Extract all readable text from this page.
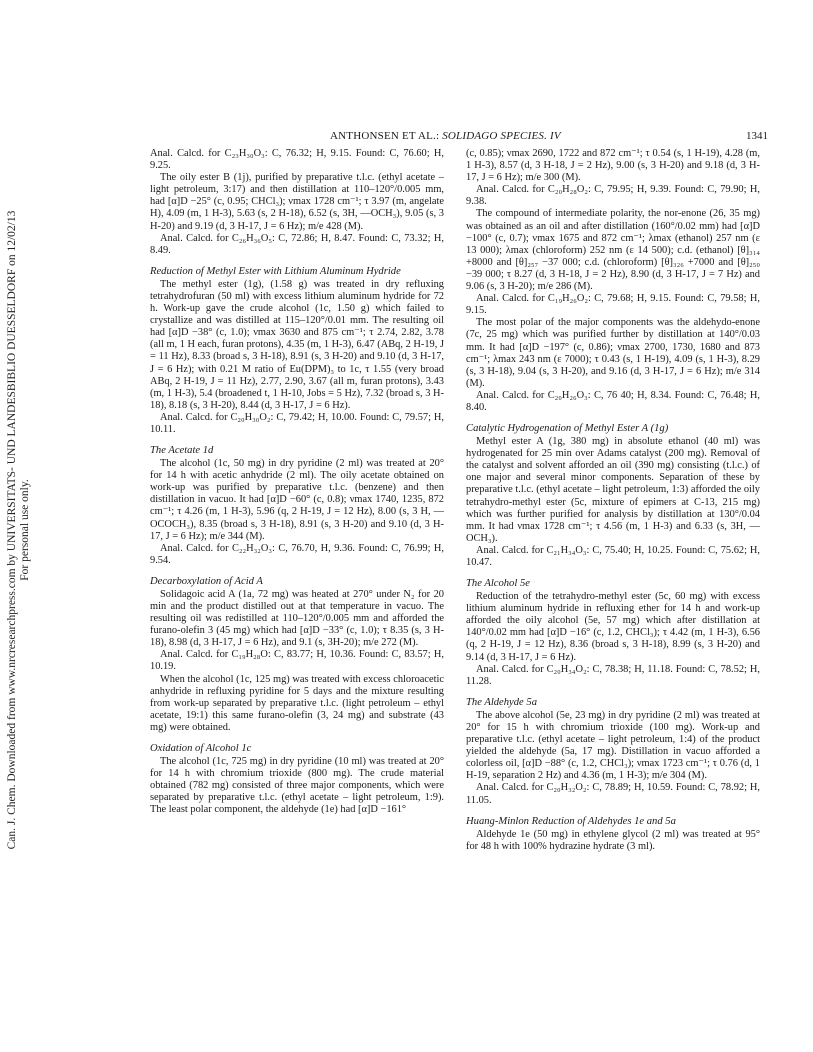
Can. J. Chem. Downloaded from www.nrcresearchpress.com by UNIVERSITATS- UND LANDESBIBLIO DUESSELDORF on 12/02/13 For personal use only.
ANTHONSEN ET AL.: SOLIDAGO SPECIES. IV	1341

Anal. Calcd. for C₂₃H₃₀O₃: C, 76.32; H, 9.15. Found: C, 76.60; H, 9.25.

The oily ester B (1j), purified by preparative t.l.c. (ethyl acetate – light petroleum, 3:17) and then distillation at 110–120°/0.005 mm, had [α]D −25° (c, 0.95; CHCl₃); νmax 1728 cm⁻¹; τ 3.97 (m, angelate H), 4.09 (m, 1 H-3), 5.63 (s, 2 H-18), 6.52 (s, 3H, —OCH₃), 9.05 (s, 3 H-20) and 9.19 (d, 3 H-17, J = 6 Hz); m/e 428 (M).

Anal. Calcd. for C₂₆H₃₆O₅: C, 72.86; H, 8.47. Found: C, 73.32; H, 8.49.

Reduction of Methyl Ester with Lithium Aluminum Hydride

The methyl ester (1g), (1.58 g) was treated in dry refluxing tetrahydrofuran (50 ml) with excess lithium aluminum hydride for 72 h. Work-up gave the crude alcohol (1c, 1.50 g) which failed to crystallize and was distilled at 115–120°/0.01 mm. The resulting oil had [α]D −38° (c, 1.0); νmax 3630 and 875 cm⁻¹; τ 2.74, 2.82, 3.78 (all m, 1 H each, furan protons), 4.35 (m, 1 H-3), 6.47 (ABq, 2 H-19, J = 11 Hz), 8.33 (broad s, 3 H-18), 8.91 (s, 3 H-20) and 9.10 (d, 3 H-17, J = 6 Hz); with 0.21 M ratio of Eu(DPM)₃ to 1c, τ 1.55 (very broad ABq, 2 H-19, J = 11 Hz), 2.77, 2.90, 3.67 (all m, furan protons), 3.43 (m, 1 H-3), 5.4 (broadened t, 1 H-10, Jobs = 5 Hz), 7.32 (broad s, 3 H-18), 8.18 (s, 3 H-20), 8.44 (d, 3 H-17, J = 6 Hz).

Anal. Calcd. for C₂₀H₃₀O₂: C, 79.42; H, 10.00. Found: C, 79.57; H, 10.11.

The Acetate 1d

The alcohol (1c, 50 mg) in dry pyridine (2 ml) was treated at 20° for 14 h with acetic anhydride (2 ml). The oily acetate obtained on work-up was purified by preparative t.l.c. (benzene) and then distillation in vacuo. It had [α]D −60° (c, 0.8); νmax 1740, 1235, 872 cm⁻¹; τ 4.26 (m, 1 H-3), 5.96 (q, 2 H-19, J = 12 Hz), 8.00 (s, 3 H, —OCOCH₃), 8.35 (broad s, 3 H-18), 8.91 (s, 3 H-20) and 9.10 (d, 3 H-17, J = 6 Hz); m/e 344 (M).

Anal. Calcd. for C₂₂H₃₂O₃: C, 76.70, H, 9.36. Found: C, 76.99; H, 9.54.

Decarboxylation of Acid A

Solidagoic acid A (1a, 72 mg) was heated at 270° under N₂ for 20 min and the product distilled out at that temperature in vacuo. The resulting oil was redistilled at 110–120°/0.005 mm and afforded the furano-olefin 3 (45 mg) which had [α]D −33° (c, 1.0); τ 8.35 (s, 3 H-18), 8.98 (d, 3 H-17, J = 6 Hz), and 9.1 (s, 3H-20); m/e 272 (M).

Anal. Calcd. for C₁₉H₂₈O: C, 83.77; H, 10.36. Found: C, 83.57; H, 10.19.

When the alcohol (1c, 125 mg) was treated with excess chloroacetic anhydride in refluxing pyridine for 5 days and the mixture resulting from work-up separated by preparative t.l.c. (light petroleum – ethyl acetate, 19:1) this same furano-olefin (3, 24 mg) and substrate (43 mg) were obtained.

Oxidation of Alcohol 1c

The alcohol (1c, 725 mg) in dry pyridine (10 ml) was treated at 20° for 14 h with chromium trioxide (800 mg). The crude material obtained (782 mg) consisted of three major components, which were separated by preparative t.l.c. (ethyl acetate – light petroleum, 1:9). The least polar component, the aldehyde (1e) had [α]D −161°

(c, 0.85); νmax 2690, 1722 and 872 cm⁻¹; τ 0.54 (s, 1 H-19), 4.28 (m, 1 H-3), 8.57 (d, 3 H-18, J = 2 Hz), 9.00 (s, 3 H-20) and 9.18 (d, 3 H-17, J = 6 Hz); m/e 300 (M).

Anal. Calcd. for C₂₀H₂₈O₂: C, 79.95; H, 9.39. Found: C, 79.90; H, 9.38.

The compound of intermediate polarity, the nor-enone (26, 35 mg) was obtained as an oil and after distillation (160°/0.02 mm) had [α]D −100° (c, 0.7); νmax 1675 and 872 cm⁻¹; λmax (ethanol) 257 nm (ε 13 000); λmax (chloroform) 252 nm (ε 14 500); c.d. (ethanol) [θ]₃₁₄ +8000 and [θ]₂₅₇ −37 000; c.d. (chloroform) [θ]₃₂₆ +7000 and [θ]₂₅₀ −39 000; τ 8.27 (d, 3 H-18, J = 2 Hz), 8.90 (d, 3 H-17, J = 7 Hz) and 9.06 (s, 3 H-20); m/e 286 (M).

Anal. Calcd. for C₁₉H₂₆O₂: C, 79.68; H, 9.15. Found: C, 79.58; H, 9.15.

The most polar of the major components was the aldehydo-enone (7c, 25 mg) which was purified further by distillation at 140°/0.03 mm. It had [α]D −197° (c, 0.86); νmax 2700, 1730, 1680 and 873 cm⁻¹; λmax 243 nm (ε 7000); τ 0.43 (s, 1 H-19), 4.09 (s, 1 H-3), 8.29 (s, 3 H-18), 9.04 (s, 3 H-20), and 9.16 (d, 3 H-17, J = 6 Hz); m/e 314 (M).

Anal. Calcd. for C₂₀H₂₆O₃: C, 76 40; H, 8.34. Found: C, 76.48; H, 8.40.

Catalytic Hydrogenation of Methyl Ester A (1g)

Methyl ester A (1g, 380 mg) in absolute ethanol (40 ml) was hydrogenated for 25 min over Adams catalyst (200 mg). Removal of the catalyst and solvent afforded an oil (390 mg) consisting (t.l.c.) of one major and several minor components. Separation of these by preparative t.l.c. (ethyl acetate – light petroleum, 1:3) afforded the oily tetrahydro-methyl ester (5c, mixture of epimers at C-13, 215 mg) which was further purified for analysis by distillation at 130°/0.04 mm. It had νmax 1728 cm⁻¹; τ 4.56 (m, 1 H-3) and 6.33 (s, 3H, —OCH₃).

Anal. Calcd. for C₂₁H₃₄O₃: C, 75.40; H, 10.25. Found: C, 75.62; H, 10.47.

The Alcohol 5e

Reduction of the tetrahydro-methyl ester (5c, 60 mg) with excess lithium aluminum hydride in refluxing ether for 14 h and work-up afforded the oily alcohol (5e, 57 mg) which after distillation at 140°/0.02 mm had [α]D −16° (c, 1.2, CHCl₃); τ 4.42 (m, 1 H-3), 6.56 (q, 2 H-19, J = 12 Hz), 8.36 (broad s, 3 H-18), 8.99 (s, 3 H-20) and 9.14 (d, 3 H-17, J = 6 Hz).

Anal. Calcd. for C₂₀H₃₄O₂: C, 78.38; H, 11.18. Found: C, 78.52; H, 11.28.

The Aldehyde 5a

The above alcohol (5e, 23 mg) in dry pyridine (2 ml) was treated at 20° for 15 h with chromium trioxide (100 mg). Work-up and preparative t.l.c. (ethyl acetate – light petroleum, 1:4) of the product yielded the aldehyde (5a, 17 mg). Distillation in vacuo afforded a colorless oil, [α]D −88° (c, 1.2, CHCl₃); νmax 1723 cm⁻¹; τ 0.76 (d, 1 H-19, separation 2 Hz) and 4.36 (m, 1 H-3); m/e 304 (M).

Anal. Calcd. for C₂₀H₃₂O₂: C, 78.89; H, 10.59. Found: C, 78.92; H, 11.05.

Huang-Minlon Reduction of Aldehydes 1e and 5a

Aldehyde 1e (50 mg) in ethylene glycol (2 ml) was treated at 95° for 48 h with 100% hydrazine hydrate (3 ml).
